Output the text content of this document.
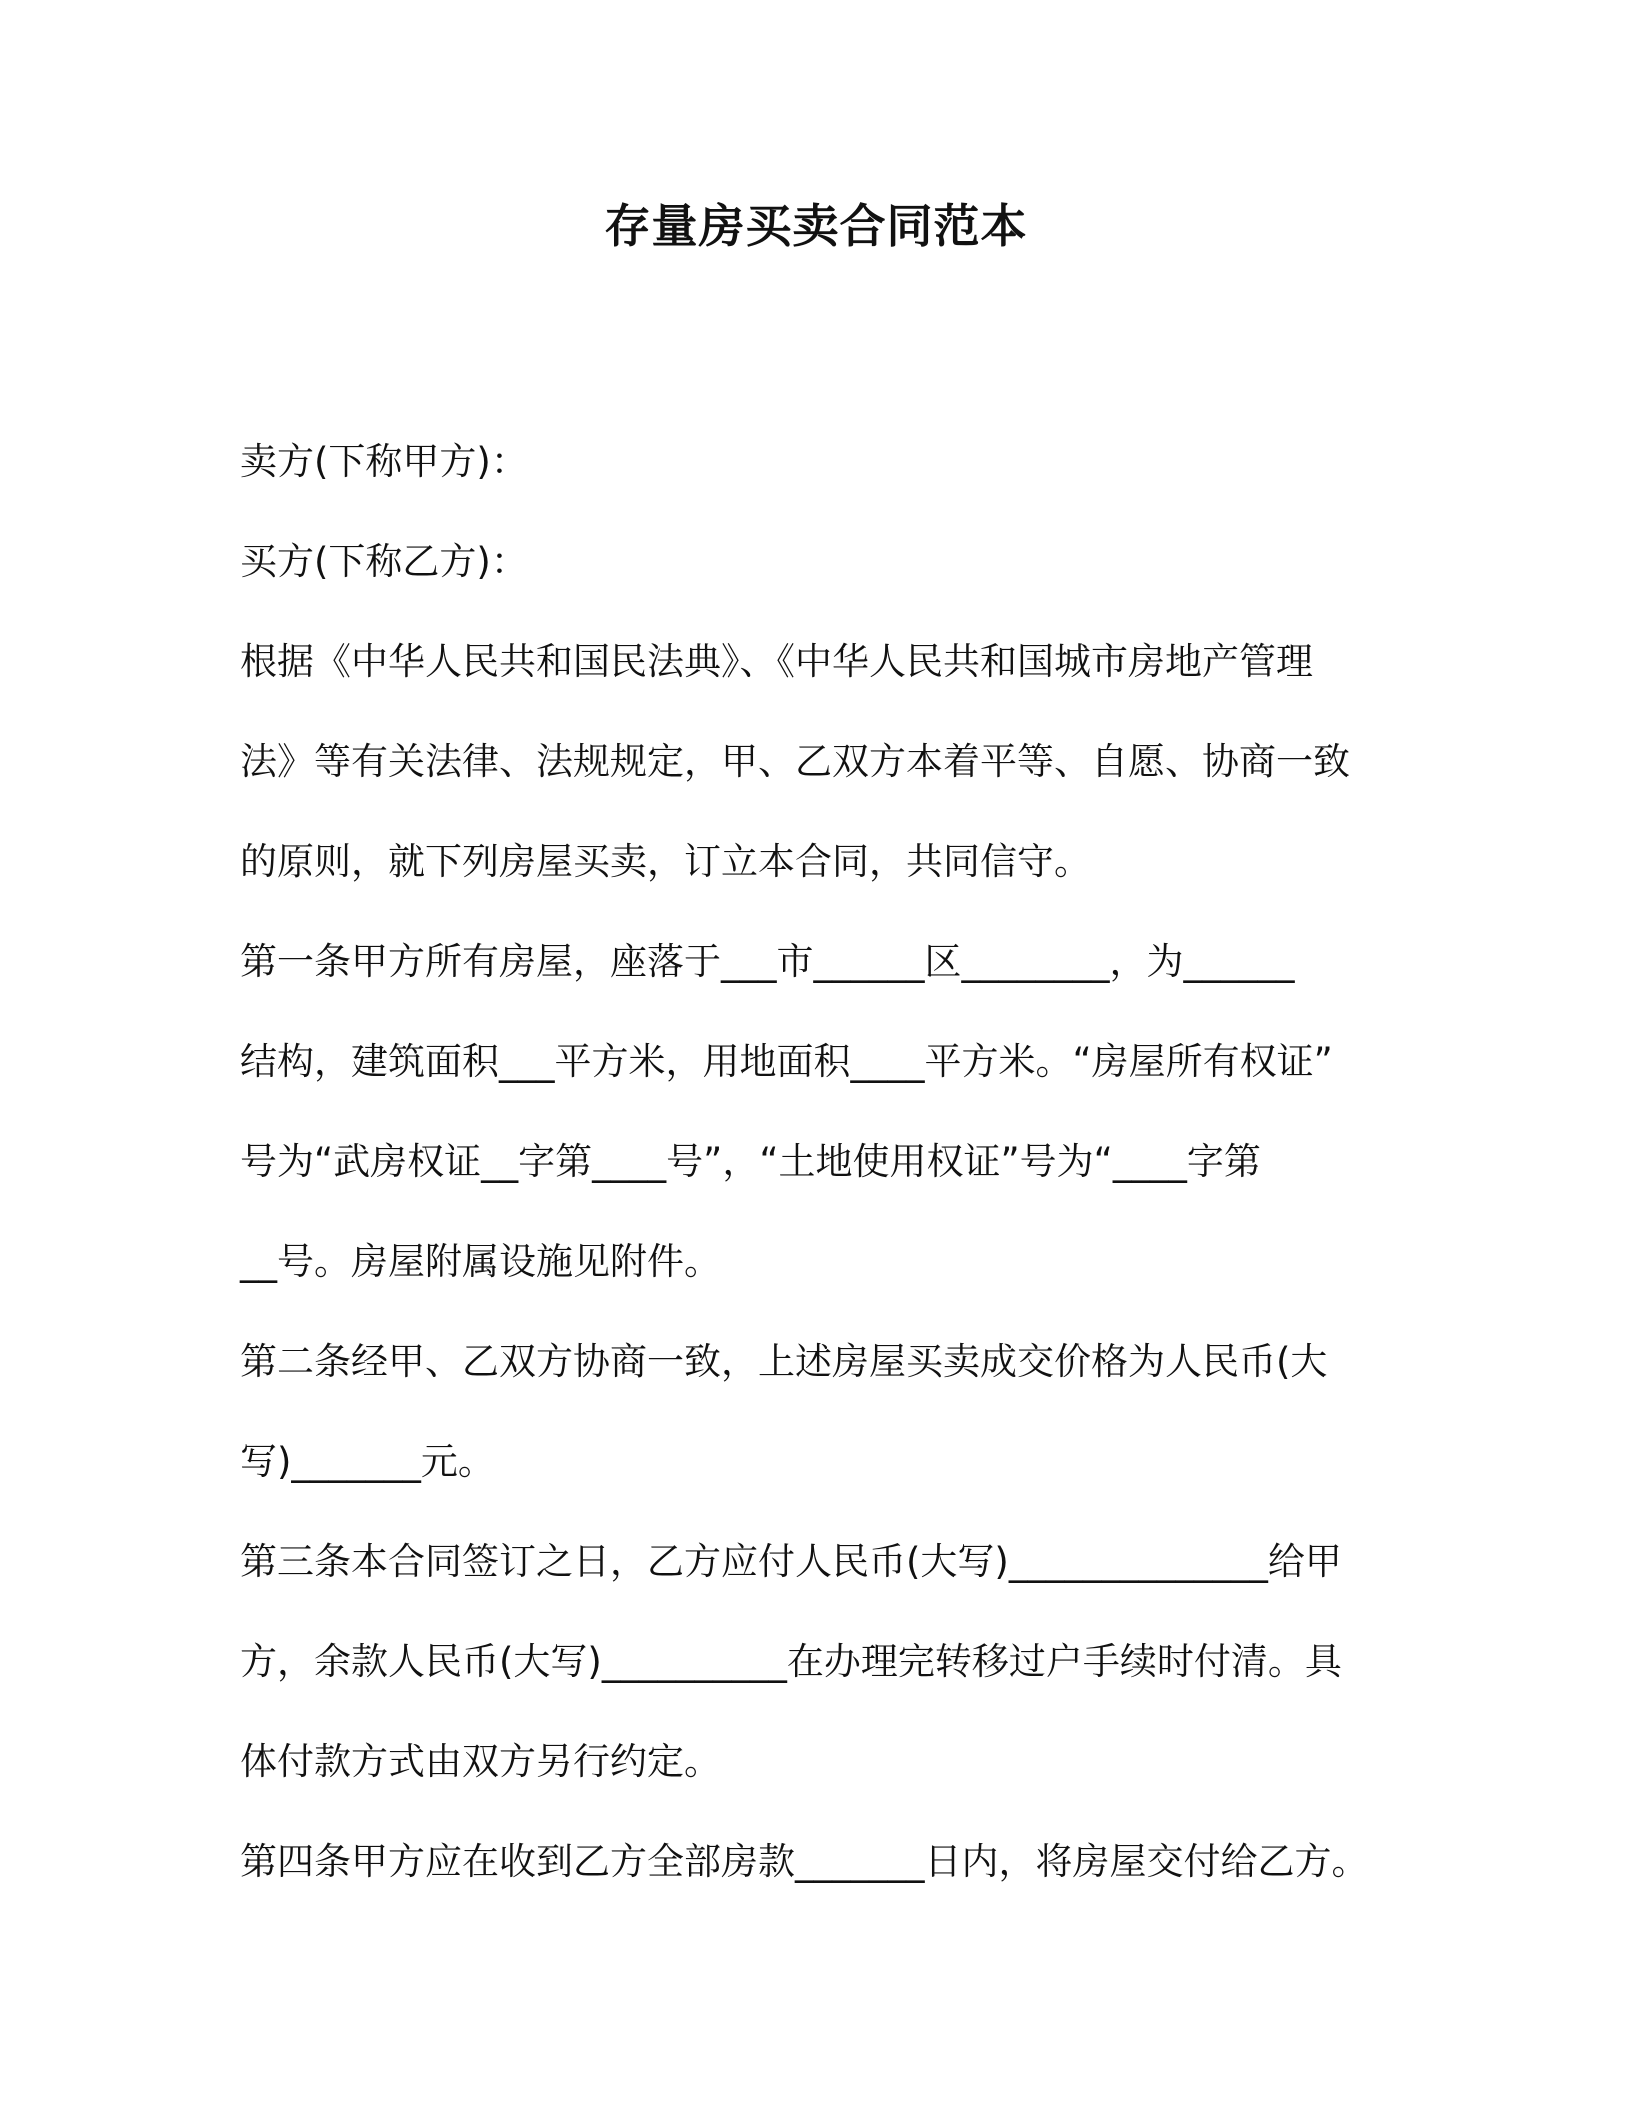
存量房买卖合同范本

卖方(下称甲方)：

买方(下称乙方)：

根据《中华人民共和国民法典》、《中华人民共和国城市房地产管理

法》等有关法律、法规规定，甲、乙双方本着平等、自愿、协商一致

的原则，就下列房屋买卖，订立本合同，共同信守。

第一条甲方所有房屋，座落于___市______区________，为______

结构，建筑面积___平方米，用地面积____平方米。“房屋所有权证”

号为“武房权证__字第____号”，“土地使用权证”号为“____字第

__号。房屋附属设施见附件。

第二条经甲、乙双方协商一致，上述房屋买卖成交价格为人民币(大

写)_______元。

第三条本合同签订之日，乙方应付人民币(大写)______________给甲

方，余款人民币(大写)__________在办理完转移过户手续时付清。具

体付款方式由双方另行约定。

第四条甲方应在收到乙方全部房款_______日内，将房屋交付给乙方。
